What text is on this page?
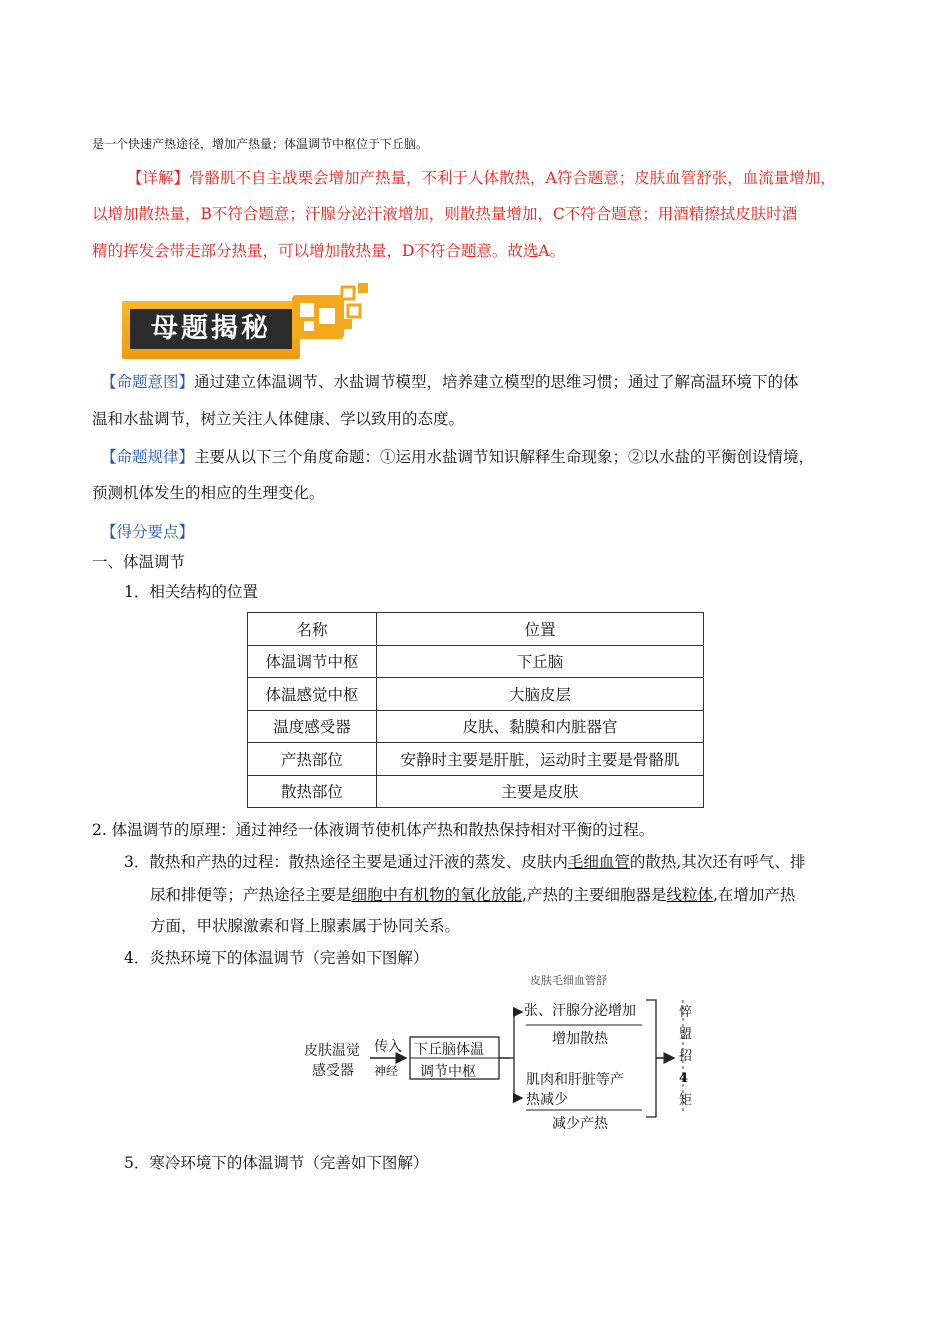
是一个快速产热途径，增加产热量；体温调节中枢位于下丘脑。
【详解】骨骼肌不自主战栗会增加产热量，不利于人体散热，A符合题意；皮肤血管舒张，血流量增加，
以增加散热量，B不符合题意；汗腺分泌汗液增加，则散热量增加，C不符合题意；用酒精擦拭皮肤时酒
精的挥发会带走部分热量，可以增加散热量，D不符合题意。故选A。
母题揭秘
【命题意图】通过建立体温调节、水盐调节模型，培养建立模型的思维习惯；通过了解高温环境下的体
温和水盐调节，树立关注人体健康、学以致用的态度。
【命题规律】主要从以下三个角度命题：①运用水盐调节知识解释生命现象；②以水盐的平衡创设情境，
预测机体发生的相应的生理变化。
【得分要点】
一、体温调节
1．相关结构的位置
名称	位置
体温调节中枢	下丘脑
体温感觉中枢	大脑皮层
温度感受器	皮肤、黏膜和内脏器官
产热部位	安静时主要是肝脏，运动时主要是骨骼肌
散热部位	主要是皮肤
2. 体温调节的原理：通过神经一体液调节使机体产热和散热保持相对平衡的过程。
3．散热和产热的过程：散热途径主要是通过汗液的蒸发、皮肤内毛细血管的散热,其次还有呼气、排
尿和排便等；产热途径主要是细胞中有机物的氧化放能,产热的主要细胞器是线粒体,在增加产热
方面，甲状腺激素和肾上腺素属于协同关系。
4．炎热环境下的体温调节（完善如下图解）
皮肤毛细血管舒
皮肤温觉
感受器
传入
神经
下丘脑体温
调节中枢
张、汗腺分泌增加
增加散热
肌肉和肝脏等产
热减少
减少产热
悴
盟
招
4
矩
5．寒冷环境下的体温调节（完善如下图解）
